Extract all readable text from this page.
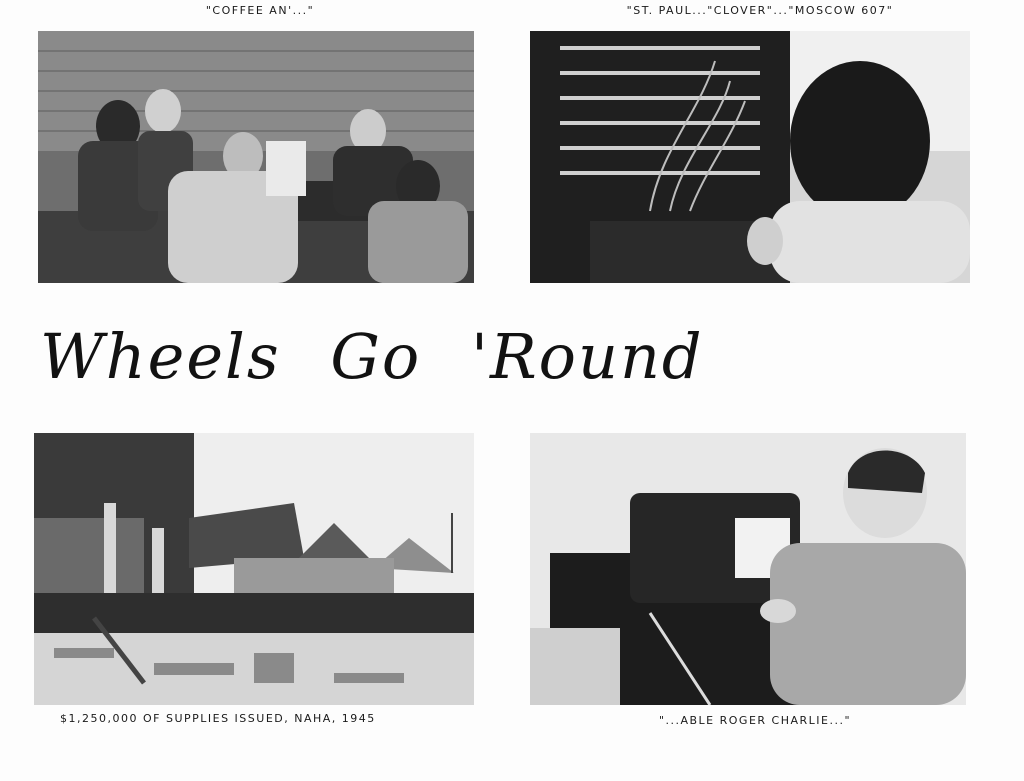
"COFFEE AN'..."	"ST. PAUL..."CLOVER"..."MOSCOW 607"
Wheels Go 'Round
$1,250,000 OF SUPPLIES ISSUED, NAHA, 1945	"...ABLE ROGER CHARLIE..."
